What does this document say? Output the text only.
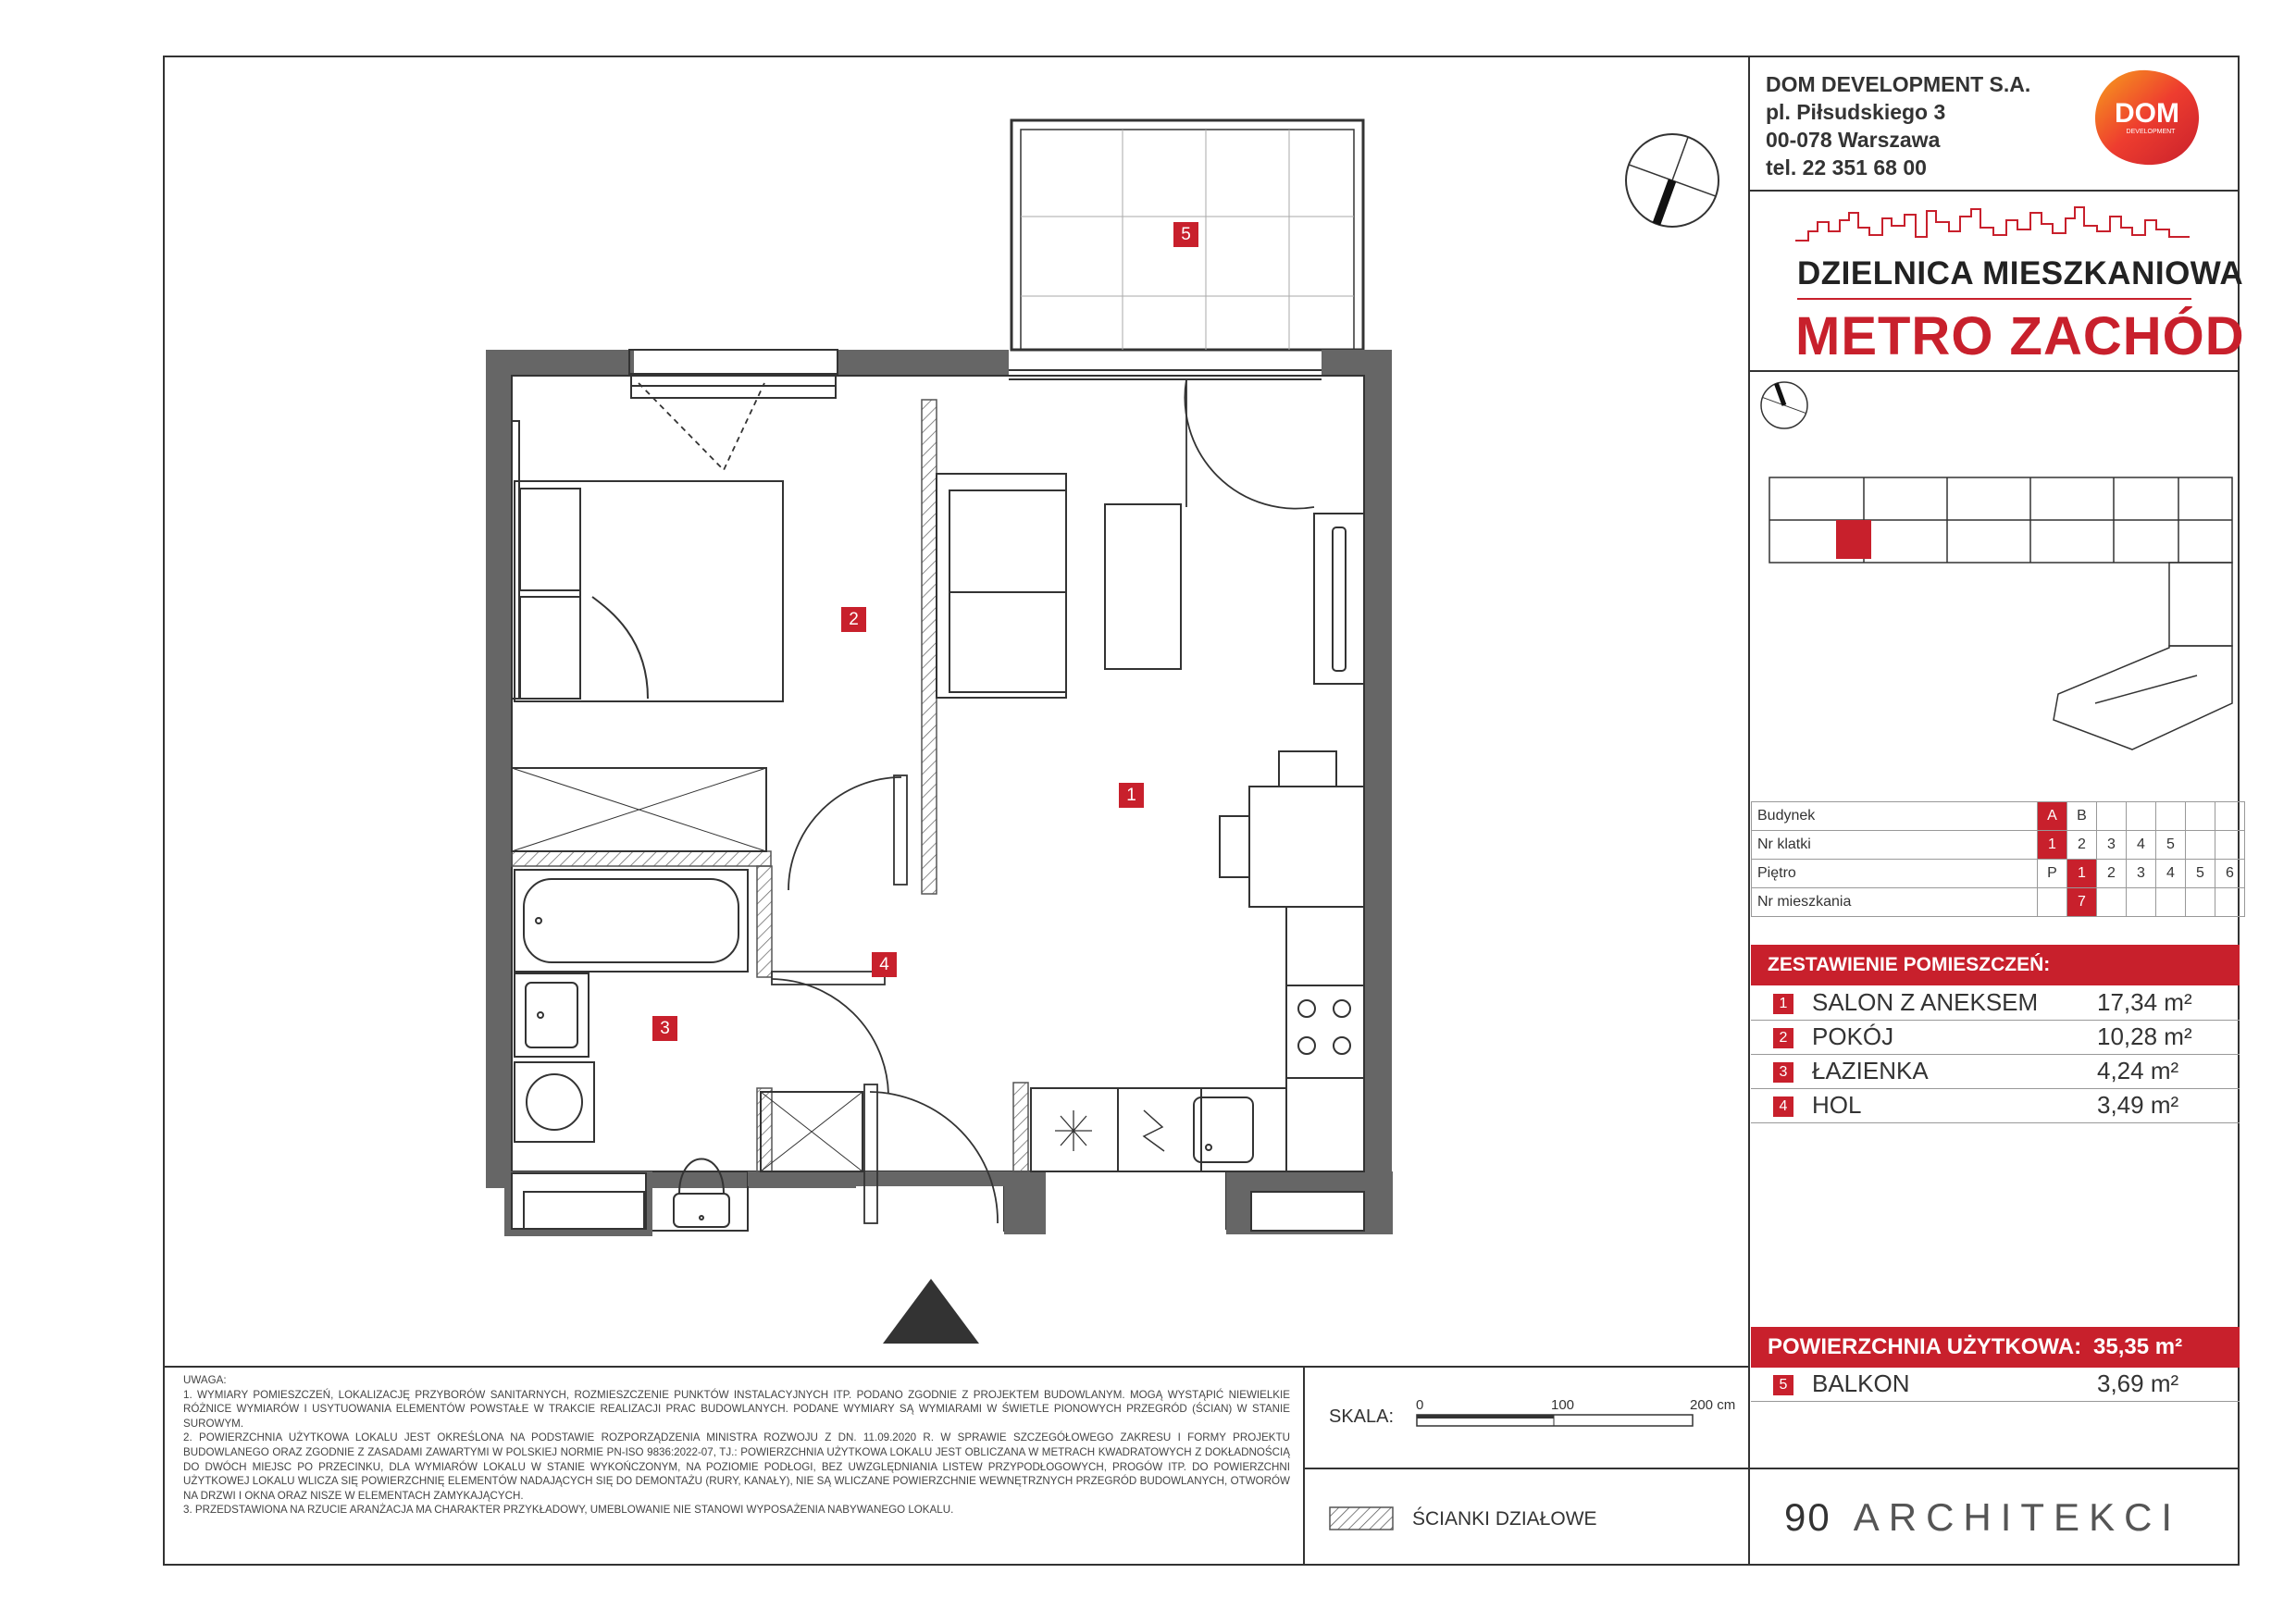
DOM DEVELOPMENT S.A.
pl. Piłsudskiego 3
00-078 Warszawa
tel. 22 351 68 00
DOM
DEVELOPMENT
DZIELNICA MIESZKANIOWA
METRO ZACHÓD
Budynek	A	B					
Nr klatki	1	2	3	4	5		
Piętro	P	1	2	3	4	5	6
Nr mieszkania		7					
ZESTAWIENIE POMIESZCZEŃ:
1 SALON Z ANEKSEM 17,34 m²
2 POKÓJ	10,28 m²
3 ŁAZIENKA	4,24 m²
4 HOL	3,49 m²
POWIERZCHNIA UŻYTKOWA: 35,35 m²
5 BALKON	3,69 m²

UWAGA:

1. WYMIARY POMIESZCZEŃ, LOKALIZACJĘ PRZYBORÓW SANITARNYCH, ROZMIESZCZENIE PUNKTÓW INSTALACYJNYCH ITP. PODANO ZGODNIE Z PROJEKTEM BUDOWLANYM. MOGĄ WYSTĄPIĆ NIEWIELKIE RÓŻNICE WYMIARÓW I USYTUOWANIA ELEMENTÓW POWSTAŁE W TRAKCIE REALIZACJI PRAC BUDOWLANYCH. PODANE WYMIARY SĄ WYMIARAMI W ŚWIETLE PIONOWYCH PRZEGRÓD (ŚCIAN) W STANIE SUROWYM.

2. POWIERZCHNIA UŻYTKOWA LOKALU JEST OKREŚLONA NA PODSTAWIE ROZPORZĄDZENIA MINISTRA ROZWOJU Z DN. 11.09.2020 R. W SPRAWIE SZCZEGÓŁOWEGO ZAKRESU I FORMY PROJEKTU BUDOWLANEGO ORAZ ZGODNIE Z ZASADAMI ZAWARTYMI W POLSKIEJ NORMIE PN-ISO 9836:2022-07, TJ.: POWIERZCHNIA UŻYTKOWA LOKALU JEST OBLICZANA W METRACH KWADRATOWYCH Z DOKŁADNOŚCIĄ DO DWÓCH MIEJSC PO PRZECINKU, DLA WYMIARÓW LOKALU W STANIE WYKOŃCZONYM, NA POZIOMIE PODŁOGI, BEZ UWZGLĘDNIANIA LISTEW PRZYPODŁOGOWYCH, PROGÓW ITP. DO POWIERZCHNI UŻYTKOWEJ LOKALU WLICZA SIĘ POWIERZCHNIĘ ELEMENTÓW NADAJĄCYCH SIĘ DO DEMONTAŻU (RURY, KANAŁY), NIE SĄ WLICZANE POWIERZCHNIE WEWNĘTRZNYCH PRZEGRÓD BUDOWLANYCH, OTWORÓW NA DRZWI I OKNA ORAZ NISZE W ELEMENTACH ZAMYKAJĄCYCH.

3. PRZEDSTAWIONA NA RZUCIE ARANŻACJA MA CHARAKTER PRZYKŁADOWY, UMEBLOWANIE NIE STANOWI WYPOSAŻENIA NABYWANEGO LOKALU.

SKALA:
0	100	200 cm
ŚCIANKI DZIAŁOWE	90 ARCHITEKCI
1
2
3
4
5
